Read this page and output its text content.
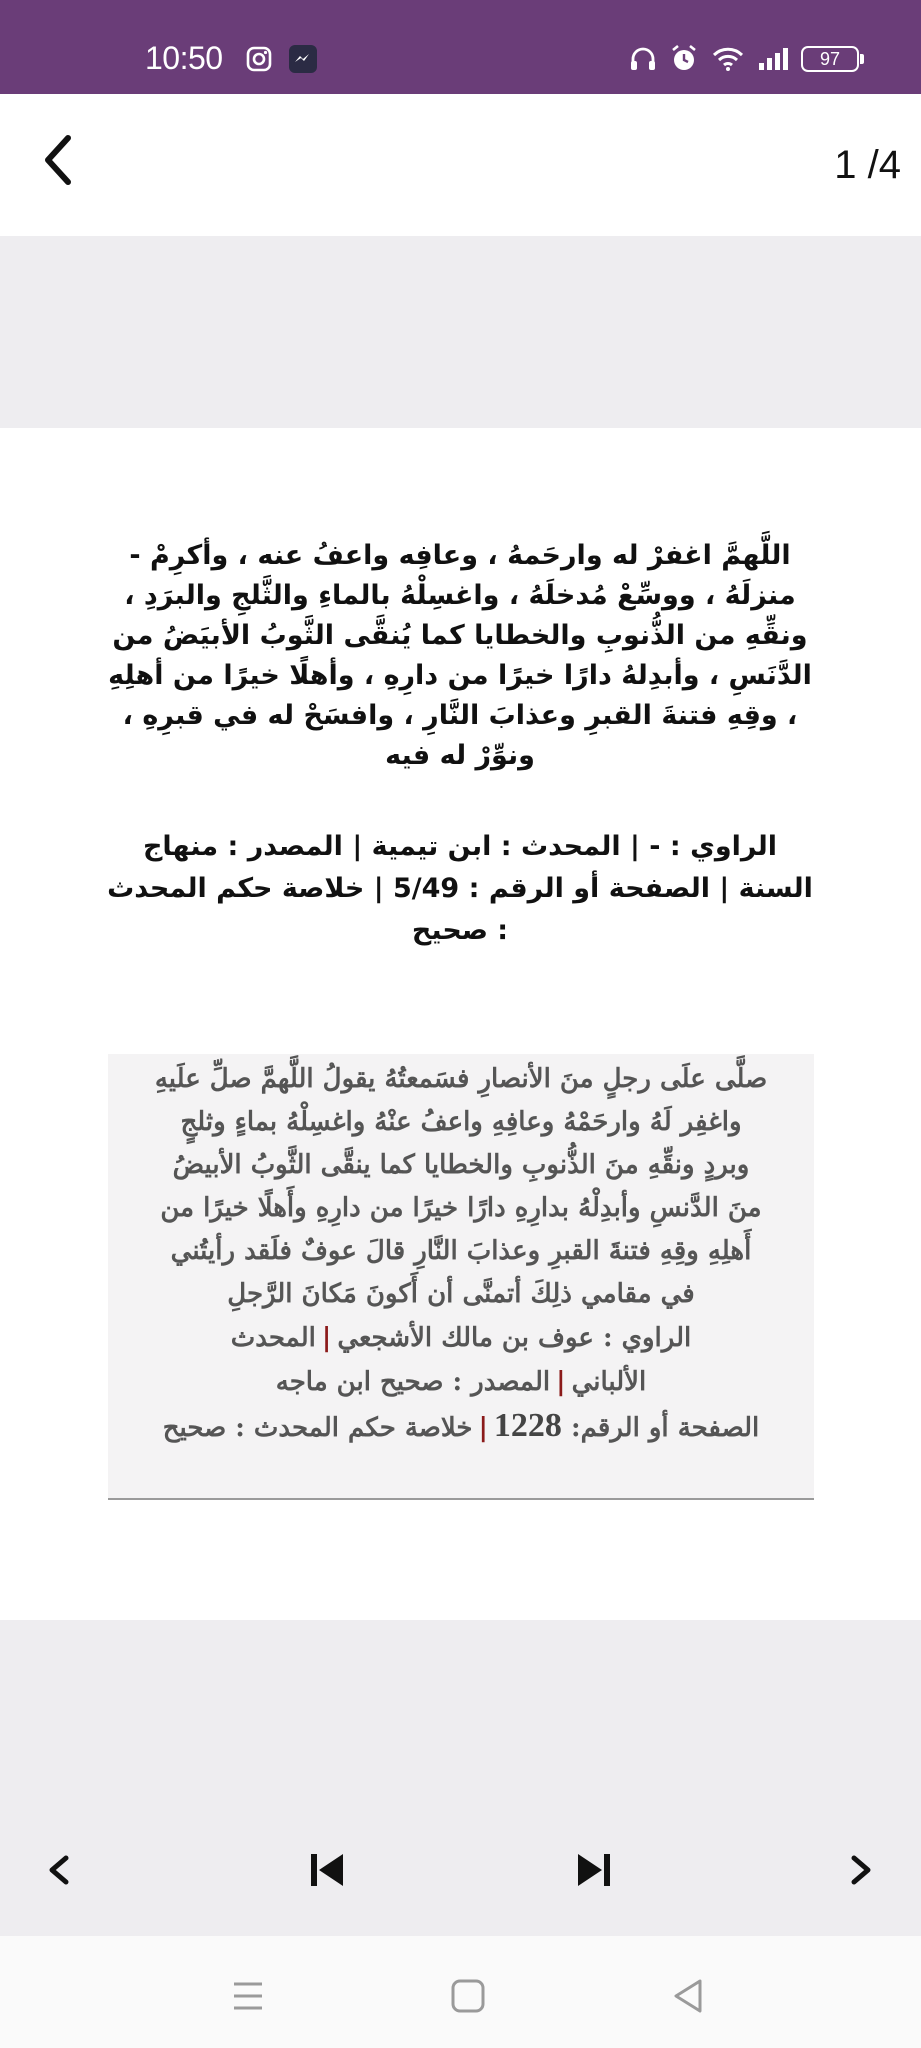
10:50	97
1 /4
اللَّهمَّ اغفرْ له وارحَمهُ ، وعافِه واعفُ عنه ، وأكرِمْ -
منزلَهُ ، ووسِّعْ مُدخلَهُ ، واغسِلْهُ بالماءِ والثَّلجِ والبرَدِ ،
ونقِّهِ من الذُّنوبِ والخطايا كما يُنقَّى الثَّوبُ الأبيَضُ من
الدَّنَسِ ، وأبدِلهُ دارًا خيرًا من دارِهِ ، وأهلًا خيرًا من أهلِهِ
، وقِهِ فتنةَ القبرِ وعذابَ النَّارِ ، وافسَحْ له في قبرِهِ ،
ونوِّرْ له فيه
الراوي : - | المحدث : ابن تيمية | المصدر : منهاج
السنة | الصفحة أو الرقم : 5/49 | خلاصة حكم المحدث
: صحيح
صلَّى علَى رجلٍ منَ الأنصارِ فسَمعتُهُ يقولُ اللَّهمَّ صلِّ علَيهِ
واغفِر لَهُ وارحَمْهُ وعافِهِ واعفُ عنْهُ واغسِلْهُ بماءٍ وثلجٍ
وبردٍ ونقِّهِ منَ الذُّنوبِ والخطايا كما ينقَّى الثَّوبُ الأبيضُ
منَ الدَّنسِ وأبدِلْهُ بدارِهِ دارًا خيرًا من دارِهِ وأَهلًا خيرًا من
أَهلِهِ وقِهِ فتنةَ القبرِ وعذابَ النَّارِ قالَ عوفٌ فلَقد رأيتُني
في مقامي ذلِكَ أتمنَّى أن أَكونَ مَكانَ الرَّجلِ
الراوي : عوف بن مالك الأشجعي|المحدث
الألباني|المصدر : صحيح ابن ماجه
الصفحة أو الرقم: 1228|خلاصة حكم المحدث : صحيح
